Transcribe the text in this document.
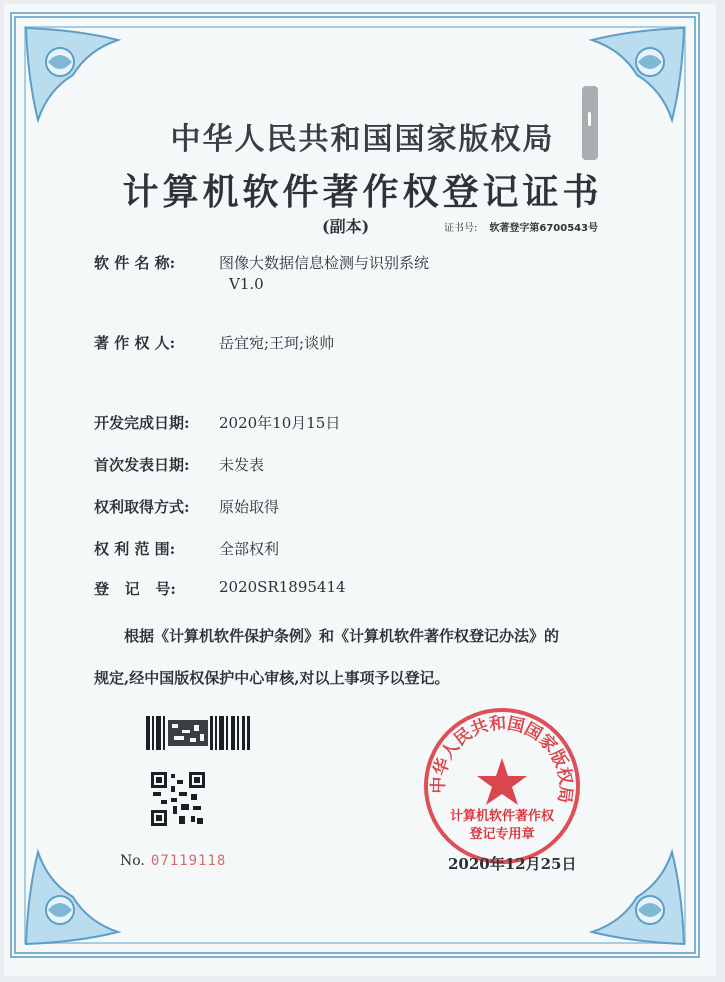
中华人民共和国国家版权局
计算机软件著作权登记证书
(副本)	证书号: 软著登字第6700543号
软 件 名 称:	图像大数据信息检测与识别系统
V1.0
著 作 权 人:	岳宜宛;王珂;谈帅
开发完成日期: 2020年10月15日
首次发表日期: 未发表
权利取得方式: 原始取得
权 利 范 围:	全部权利
登   记   号:	2020SR1895414
根据《计算机软件保护条例》和《计算机软件著作权登记办法》的
规定,经中国版权保护中心审核,对以上事项予以登记。
No. 07119118
中华人民共和国国家版权局
计算机软件著作权
登记专用章
2020年12月25日
